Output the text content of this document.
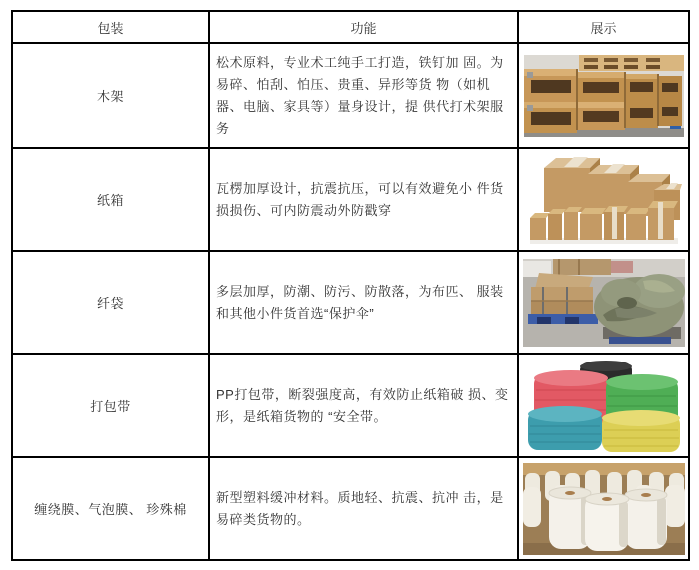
包装	功能	展示
木架	松术原料，专业术工纯手工打造，铁钉加 固。为易碎、怕刮、怕压、贵重、异形等货 物（如机器、电脑、家具等）量身设计，提 供代打术架服务	
纸箱	瓦楞加厚设计，抗震抗压，可以有效避免小 件货损损伤、可内防震动外防戳穿	
纤袋	多层加厚，防潮、防污、防散落，为布匹、 服装和其他小件货首选“保护伞”	
打包带	PP打包带，断裂强度高，有效防止纸箱破 损、变形，是纸箱货物的 “安全带。	
缠绕膜、气泡膜、 珍殊棉	新型塑料缓冲材料。质地轻、抗震、抗冲 击，是易碎类货物的。	
